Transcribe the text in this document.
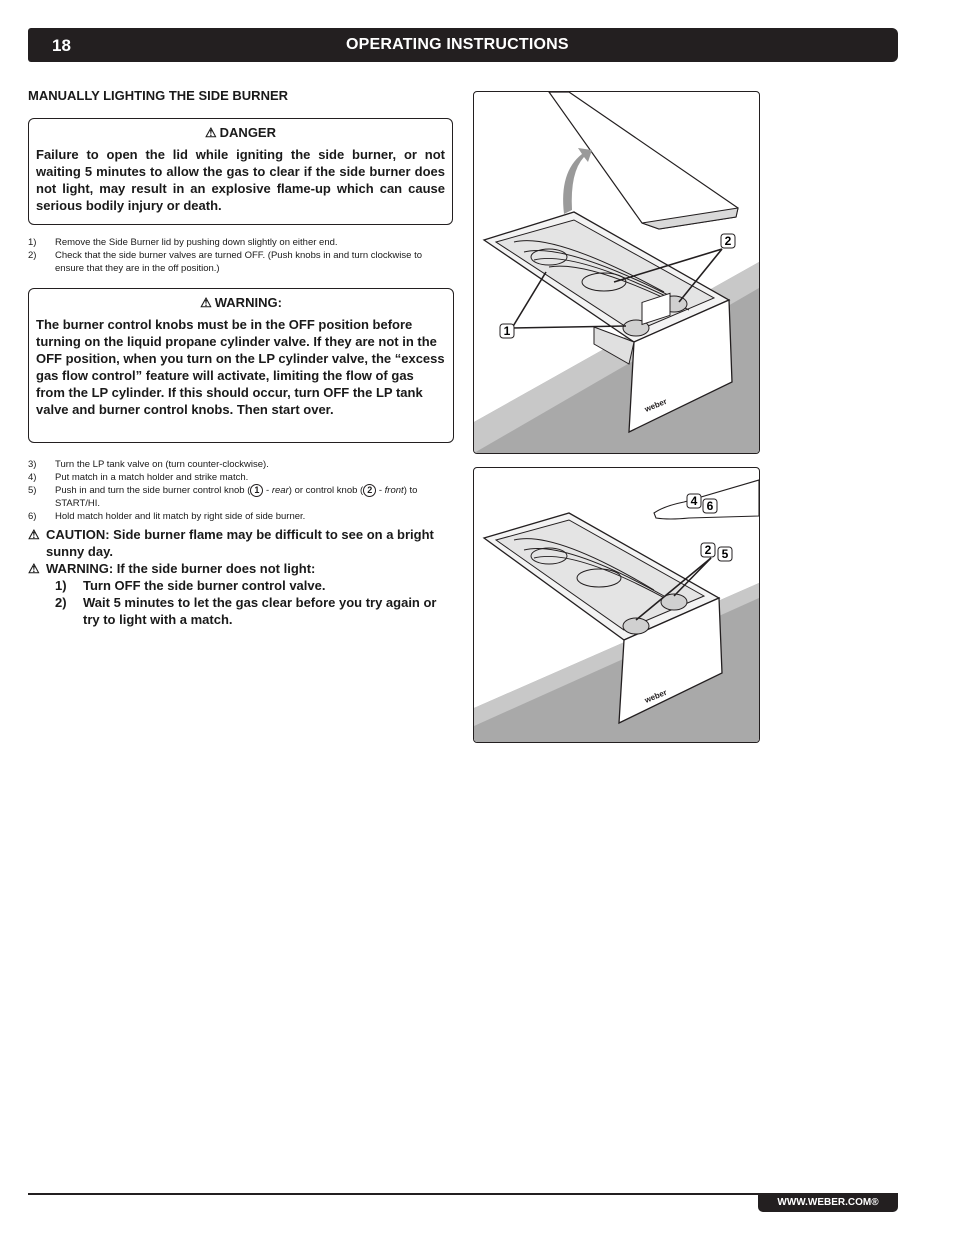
18	OPERATING INSTRUCTIONS
MANUALLY LIGHTING THE SIDE BURNER
⚠ DANGER
Failure to open the lid while igniting the side burner, or not waiting 5 minutes to allow the gas to clear if the side burner does not light, may result in an explosive flame-up which can cause serious bodily injury or death.
1)	Remove the Side Burner lid by pushing down slightly on either end.
2)	Check that the side burner valves are turned OFF. (Push knobs in and turn clockwise to ensure that they are in the off position.)
⚠ WARNING:
The burner control knobs must be in the OFF position before turning on the liquid propane cylinder valve. If they are not in the OFF position, when you turn on the LP cylinder valve, the “excess gas flow control” feature will activate, limiting the flow of gas from the LP cylinder. If this should occur, turn OFF the LP tank valve and burner control knobs. Then start over.
3)	Turn the LP tank valve on (turn counter-clockwise).
4)	Put match in a match holder and strike match.
5)	Push in and turn the side burner control knob ( 1 - rear) or control knob ( 2 - front) to START/HI.
6)	Hold match holder and lit match by right side of side burner.
⚠ CAUTION: Side burner flame may be difficult to see on a bright sunny day.
⚠ WARNING: If the side burner does not light:
1)	Turn OFF the side burner control valve.
2)	Wait 5 minutes to let the gas clear before you try again or try to light with a match.
weber
1
2
weber
4 6
2 5
WWW.WEBER.COM®
